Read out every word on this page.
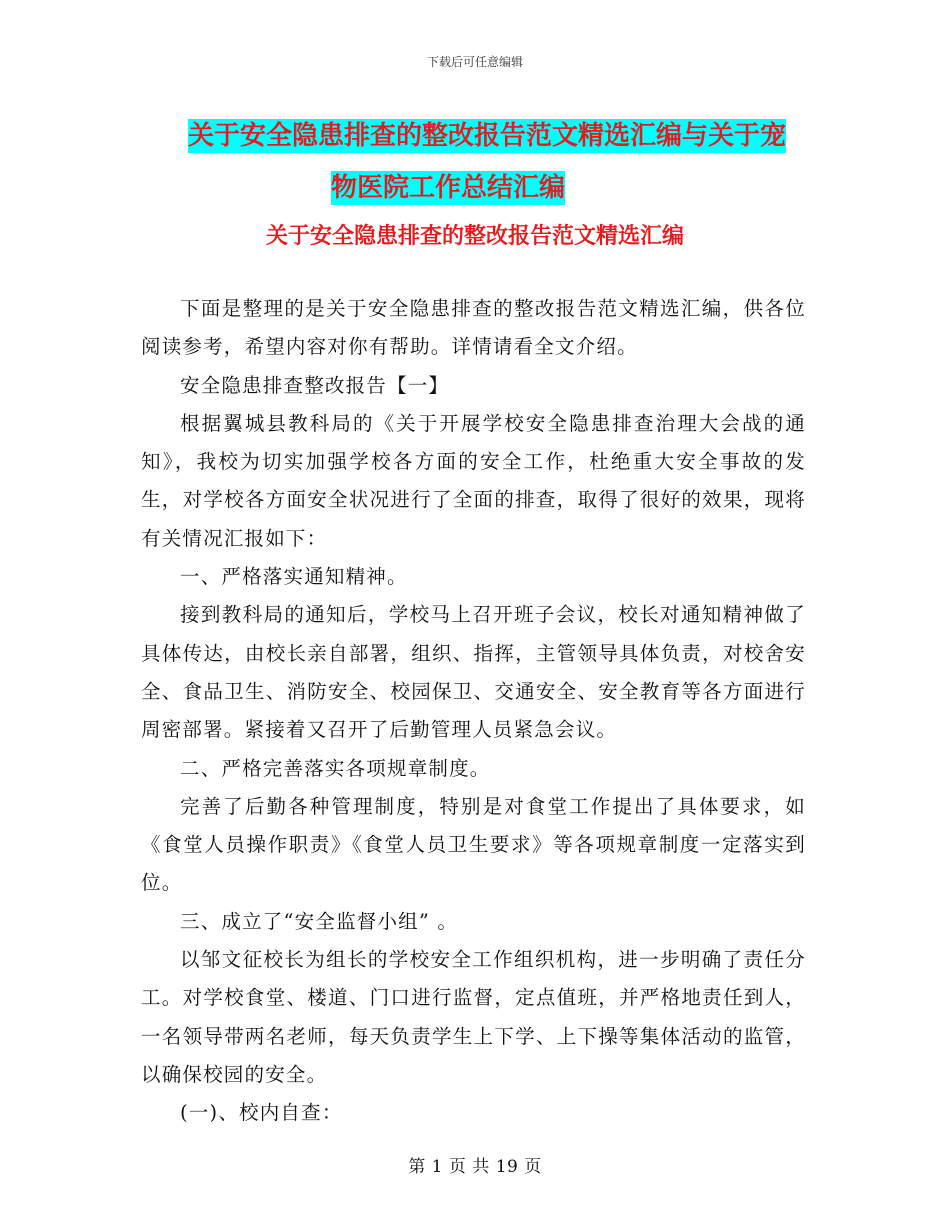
下载后可任意编辑
关于安全隐患排查的整改报告范文精选汇编与关于宠
物医院工作总结汇编
关于安全隐患排查的整改报告范文精选汇编

下面是整理的是关于安全隐患排查的整改报告范文精选汇编，供各位阅读参考，希望内容对你有帮助。详情请看全文介绍。

安全隐患排查整改报告【一】

根据翼城县教科局的《关于开展学校安全隐患排查治理大会战的通知》，我校为切实加强学校各方面的安全工作，杜绝重大安全事故的发生，对学校各方面安全状况进行了全面的排查，取得了很好的效果，现将有关情况汇报如下：

一、严格落实通知精神。

接到教科局的通知后，学校马上召开班子会议，校长对通知精神做了具体传达，由校长亲自部署，组织、指挥，主管领导具体负责，对校舍安全、食品卫生、消防安全、校园保卫、交通安全、安全教育等各方面进行周密部署。紧接着又召开了后勤管理人员紧急会议。

二、严格完善落实各项规章制度。

完善了后勤各种管理制度，特别是对食堂工作提出了具体要求，如《食堂人员操作职责》《食堂人员卫生要求》等各项规章制度一定落实到位。

三、成立了“安全监督小组” 。

以邹文征校长为组长的学校安全工作组织机构，进一步明确了责任分工。对学校食堂、楼道、门口进行监督，定点值班，并严格地责任到人，一名领导带两名老师，每天负责学生上下学、上下操等集体活动的监管，以确保校园的安全。

(一)、校内自查：

第 1 页 共 19 页
